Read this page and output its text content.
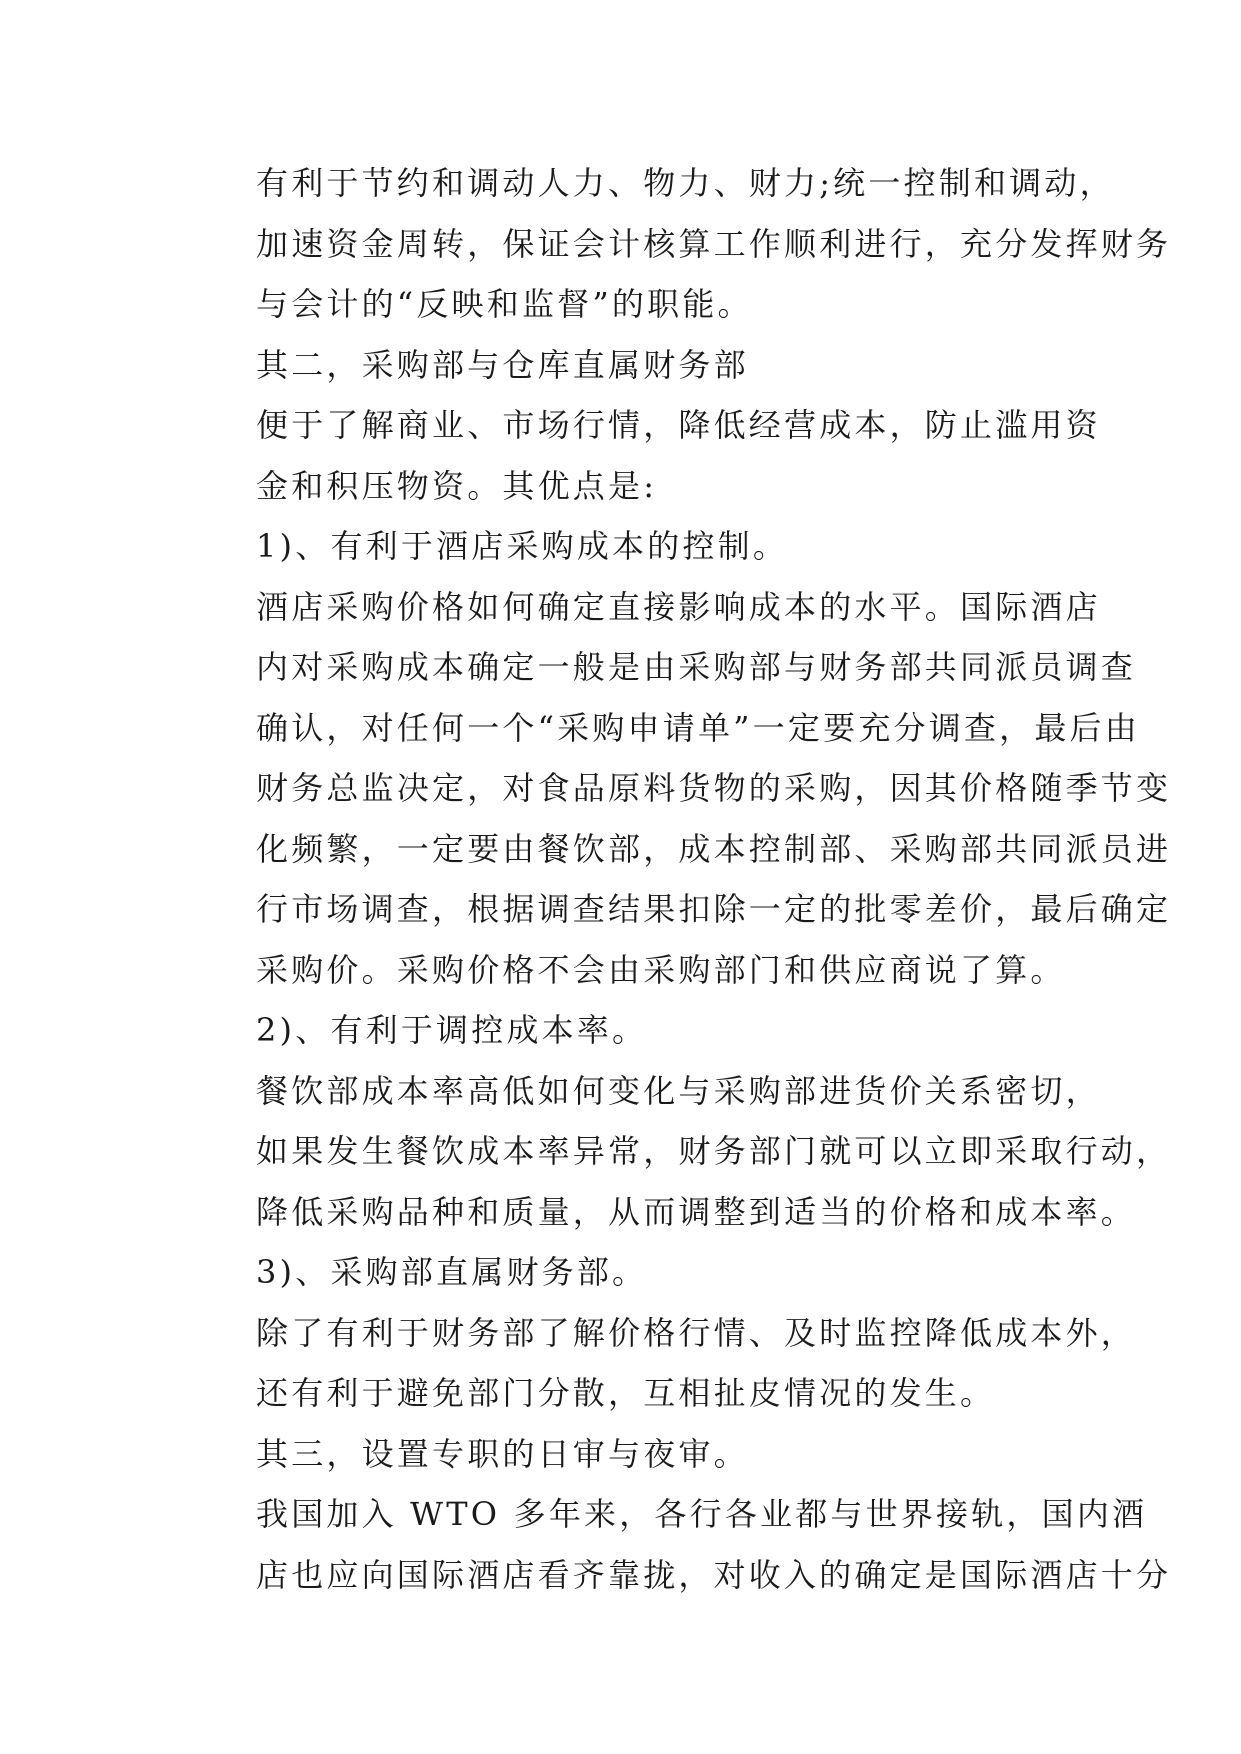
有利于节约和调动人力、物力、财力;统一控制和调动，
加速资金周转，保证会计核算工作顺利进行，充分发挥财务
与会计的“反映和监督”的职能。

其二，采购部与仓库直属财务部

便于了解商业、市场行情，降低经营成本，防止滥用资
金和积压物资。其优点是:

1)、有利于酒店采购成本的控制。

酒店采购价格如何确定直接影响成本的水平。国际酒店
内对采购成本确定一般是由采购部与财务部共同派员调查
确认，对任何一个“采购申请单”一定要充分调查，最后由
财务总监决定，对食品原料货物的采购，因其价格随季节变
化频繁，一定要由餐饮部，成本控制部、采购部共同派员进
行市场调查，根据调查结果扣除一定的批零差价，最后确定
采购价。采购价格不会由采购部门和供应商说了算。

2)、有利于调控成本率。

餐饮部成本率高低如何变化与采购部进货价关系密切，
如果发生餐饮成本率异常，财务部门就可以立即采取行动，
降低采购品种和质量，从而调整到适当的价格和成本率。

3)、采购部直属财务部。

除了有利于财务部了解价格行情、及时监控降低成本外，
还有利于避免部门分散，互相扯皮情况的发生。

其三，设置专职的日审与夜审。

我国加入 WTO 多年来，各行各业都与世界接轨，国内酒
店也应向国际酒店看齐靠拢，对收入的确定是国际酒店十分
